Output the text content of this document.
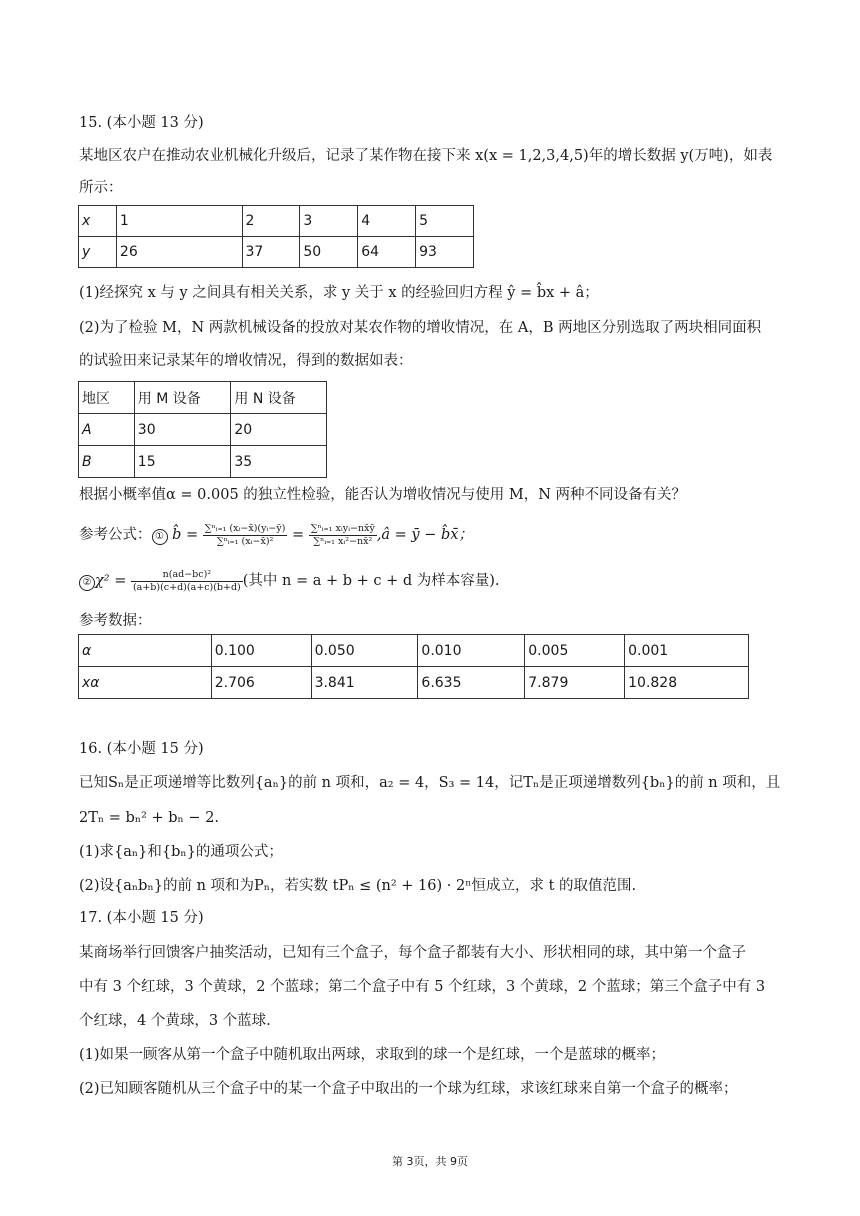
15. (本小题 13 分)
某地区农户在推动农业机械化升级后，记录了某作物在接下来 x(x = 1,2,3,4,5)年的增长数据 y(万吨)，如表
所示：
x	1	2	3	4	5
y	26	37	50	64	93
(1)经探究 x 与 y 之间具有相关关系，求 y 关于 x 的经验回归方程 ŷ = b̂x + â；
(2)为了检验 M，N 两款机械设备的投放对某农作物的增收情况，在 A，B 两地区分别选取了两块相同面积
的试验田来记录某年的增收情况，得到的数据如表：
地区	用 M 设备	用 N 设备
A	30	20
B	15	35
根据小概率值α = 0.005 的独立性检验，能否认为增收情况与使用 M，N 两种不同设备有关？
参考公式： ① b̂ = $\frac{\text{∑ⁿᵢ₌₁ (xᵢ−x̄)(yᵢ−ȳ)}}{\text{∑ⁿᵢ₌₁ (xᵢ−x̄)²}} = \frac{\text{∑ⁿᵢ₌₁ xᵢyᵢ−nx̄ȳ}}{\text{∑ⁿᵢ₌₁ xᵢ²−nx̄²}}$ ,â = ȳ − b̂x̄；
② $\chi^2 = \frac{\text{n(ad−bc)²}}{(a+b)(c+d)(a+c)(b+d)}$ (其中 n = a + b + c + d 为样本容量).
参考数据：
α	0.100	0.050	0.010	0.005	0.001
xα	2.706	3.841	6.635	7.879	10.828
16. (本小题 15 分)
已知Sₙ是正项递增等比数列{aₙ}的前 n 项和，a₂ = 4，S₃ = 14，记Tₙ是正项递增数列{bₙ}的前 n 项和，且
2Tₙ = bₙ² + bₙ − 2.
(1)求{aₙ}和{bₙ}的通项公式；
(2)设{aₙbₙ}的前 n 项和为Pₙ，若实数 tPₙ ≤ (n² + 16) · 2ⁿ恒成立，求 t 的取值范围.
17. (本小题 15 分)
某商场举行回馈客户抽奖活动，已知有三个盒子，每个盒子都装有大小、形状相同的球，其中第一个盒子
中有 3 个红球，3 个黄球，2 个蓝球；第二个盒子中有 5 个红球，3 个黄球，2 个蓝球；第三个盒子中有 3
个红球，4 个黄球，3 个蓝球.
(1)如果一顾客从第一个盒子中随机取出两球，求取到的球一个是红球，一个是蓝球的概率；
(2)已知顾客随机从三个盒子中的某一个盒子中取出的一个球为红球，求该红球来自第一个盒子的概率；
第 3页，共 9页
